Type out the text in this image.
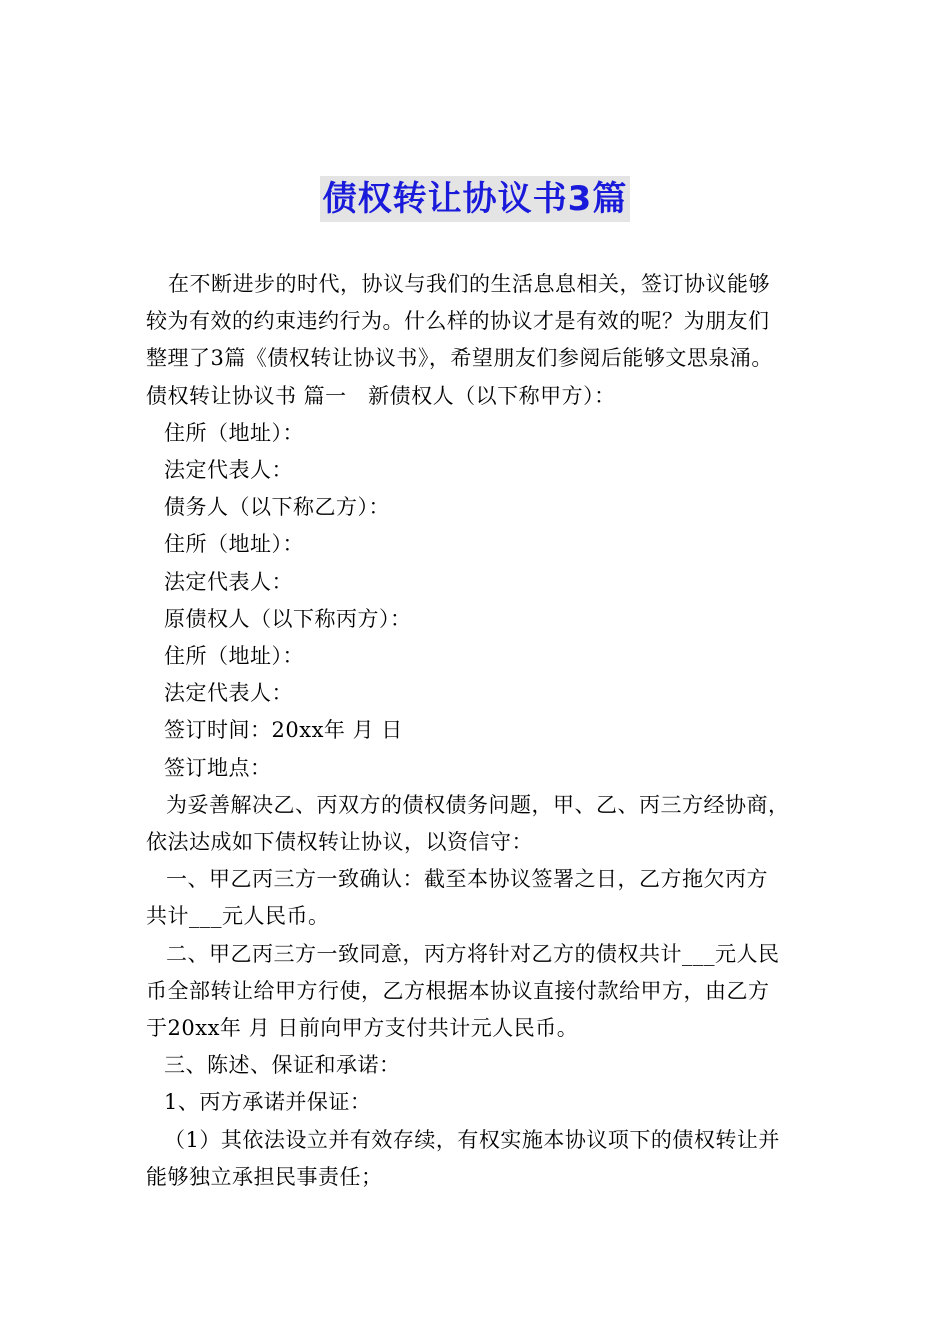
债权转让协议书3篇

在不断进步的时代，协议与我们的生活息息相关，签订协议能够

较为有效的约束违约行为。什么样的协议才是有效的呢？为朋友们

整理了3篇《债权转让协议书》，希望朋友们参阅后能够文思泉涌。

债权转让协议书 篇一　新债权人（以下称甲方）：

住所（地址）：

法定代表人：

债务人（以下称乙方）：

住所（地址）：

法定代表人：

原债权人（以下称丙方）：

住所（地址）：

法定代表人：

签订时间：20xx年 月 日

签订地点：

为妥善解决乙、丙双方的债权债务问题，甲、乙、丙三方经协商，

依法达成如下债权转让协议，以资信守：

一、甲乙丙三方一致确认：截至本协议签署之日，乙方拖欠丙方

共计___元人民币。

二、甲乙丙三方一致同意，丙方将针对乙方的债权共计___元人民

币全部转让给甲方行使，乙方根据本协议直接付款给甲方，由乙方

于20xx年 月 日前向甲方支付共计元人民币。

三、陈述、保证和承诺：

1、丙方承诺并保证：

（1）其依法设立并有效存续，有权实施本协议项下的债权转让并

能够独立承担民事责任；
